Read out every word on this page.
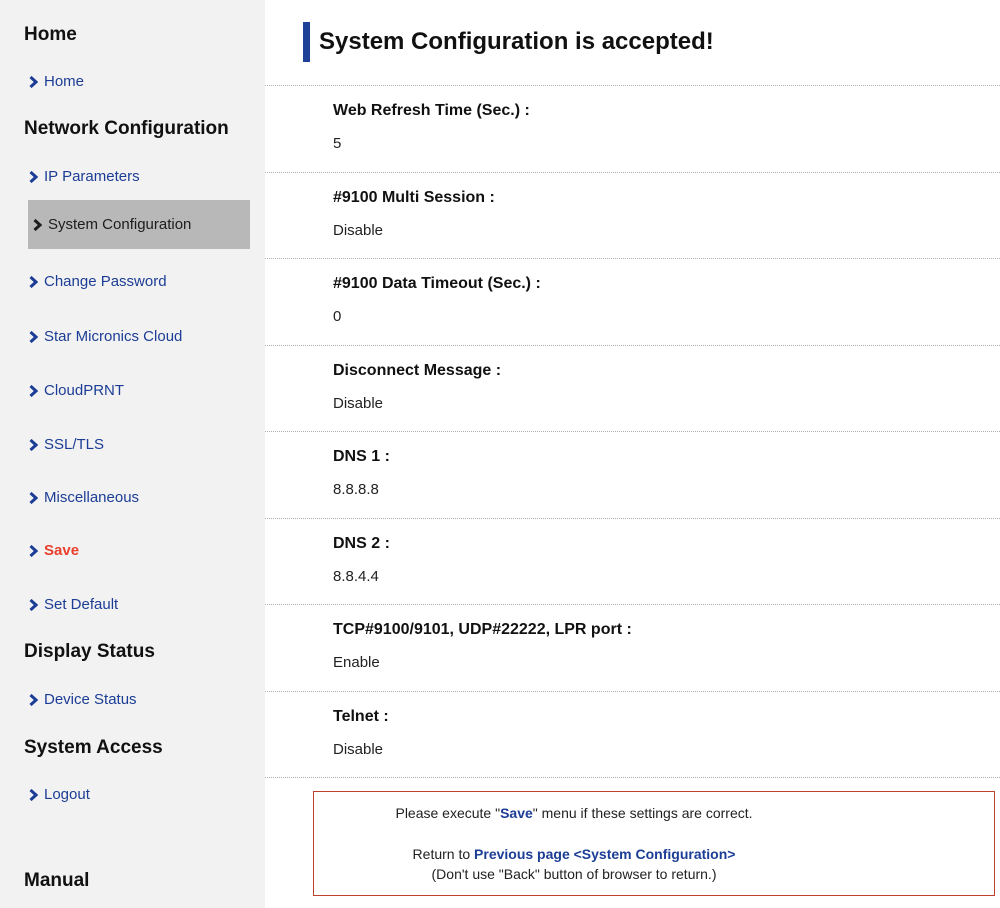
Home
Home
Network Configuration
IP Parameters
System Configuration
Change Password
Star Micronics Cloud
CloudPRNT
SSL/TLS
Miscellaneous
Save
Set Default
Display Status
Device Status
System Access
Logout
Manual
System Configuration is accepted!
Web Refresh Time (Sec.) :
5
#9100 Multi Session :
Disable
#9100 Data Timeout (Sec.) :
0
Disconnect Message :
Disable
DNS 1 :
8.8.8.8
DNS 2 :
8.8.4.4
TCP#9100/9101, UDP#22222, LPR port :
Enable
Telnet :
Disable

Please execute "Save" menu if these settings are correct.

Return to Previous page <System Configuration>

(Don't use "Back" button of browser to return.)
